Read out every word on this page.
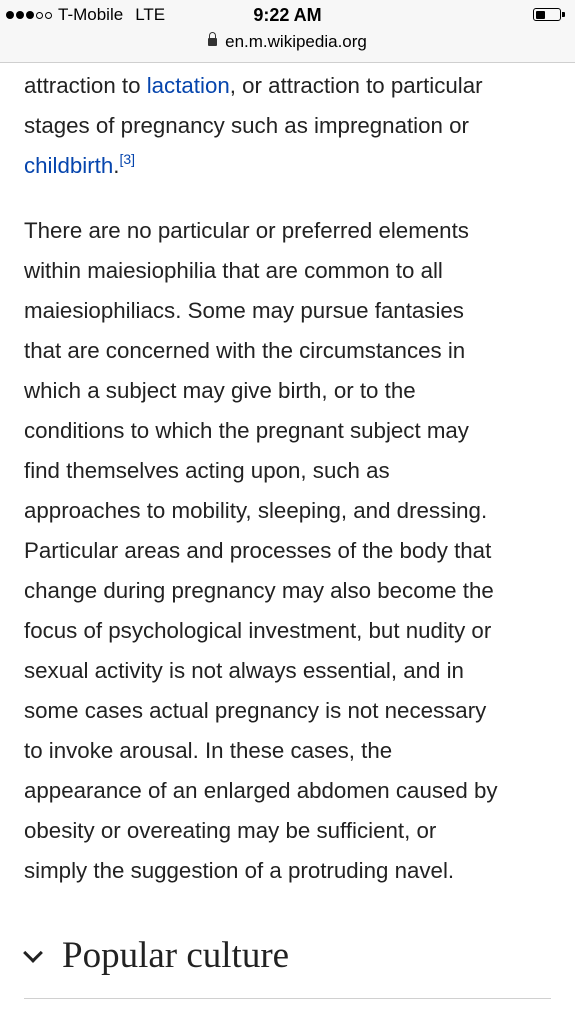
T-Mobile LTE	9:22 AM
en.m.wikipedia.org

attraction to lactation, or attraction to particular
stages of pregnancy such as impregnation or
childbirth.[3]

There are no particular or preferred elements
within maiesiophilia that are common to all
maiesiophiliacs. Some may pursue fantasies
that are concerned with the circumstances in
which a subject may give birth, or to the
conditions to which the pregnant subject may
find themselves acting upon, such as
approaches to mobility, sleeping, and dressing.
Particular areas and processes of the body that
change during pregnancy may also become the
focus of psychological investment, but nudity or
sexual activity is not always essential, and in
some cases actual pregnancy is not necessary
to invoke arousal. In these cases, the
appearance of an enlarged abdomen caused by
obesity or overeating may be sufficient, or
simply the suggestion of a protruding navel.

Popular culture
